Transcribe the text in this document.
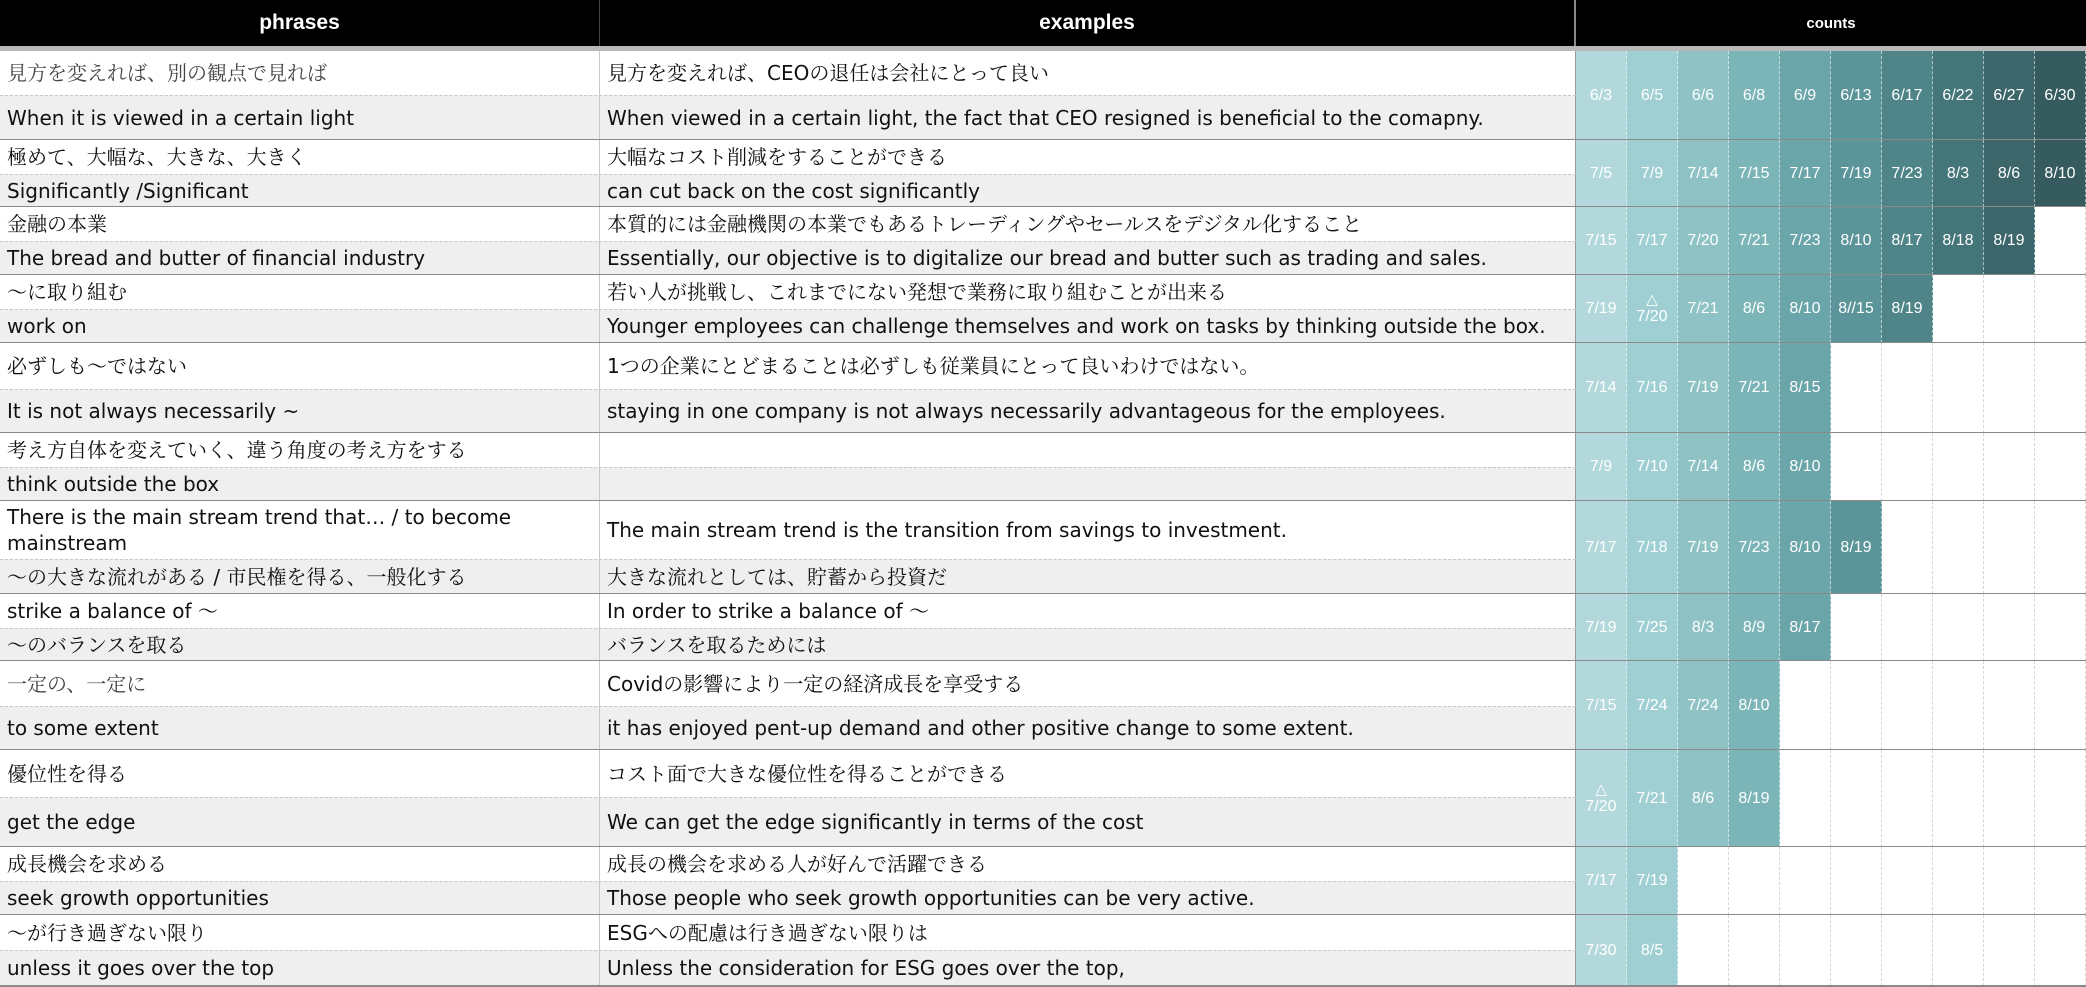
phrases	examples	counts
見方を変えれば、別の観点で見れば
When it is viewed in a certain light
見方を変えれば、CEOの退任は会社にとって良い
When viewed in a certain light, the fact that CEO resigned is beneficial to the comapny.
6/3 6/5 6/6 6/8 6/9 6/13 6/17 6/22 6/27 6/30
極めて、大幅な、大きな、大きく
Significantly /Significant
大幅なコスト削減をすることができる
can cut back on the cost significantly
7/5 7/9 7/14 7/15 7/17 7/19 7/23 8/3 8/6 8/10
金融の本業
The bread and butter of financial industry
本質的には金融機関の本業でもあるトレーディングやセールスをデジタル化すること
Essentially, our objective is to digitalize our bread and butter such as trading and sales.
7/15 7/17 7/20 7/21 7/23 8/10 8/17 8/18 8/19
〜に取り組む
work on
若い人が挑戦し、これまでにない発想で業務に取り組むことが出来る
Younger employees can challenge themselves and work on tasks by thinking outside the box.
7/19
△
7/20 7/21 8/6 8/10 8//15 8/19
必ずしも〜ではない
It is not always necessarily ~
1つの企業にとどまることは必ずしも従業員にとって良いわけではない。
staying in one company is not always necessarily advantageous for the employees.
7/14 7/16 7/19 7/21 8/15
考え方自体を変えていく、違う角度の考え方をする
think outside the box
7/9 7/10 7/14 8/6 8/10
There is the main stream trend that… / to become mainstream
〜の大きな流れがある / 市民権を得る、一般化する
The main stream trend is the transition from savings to investment.
大きな流れとしては、貯蓄から投資だ
7/17 7/18 7/19 7/23 8/10 8/19
strike a balance of 〜
〜のバランスを取る
In order to strike a balance of 〜
バランスを取るためには
7/19 7/25 8/3 8/9 8/17
一定の、一定に
to some extent
Covidの影響により一定の経済成長を享受する
it has enjoyed pent-up demand and other positive change to some extent.
7/15 7/24 7/24 8/10
優位性を得る
get the edge
コスト面で大きな優位性を得ることができる
We can get the edge significantly in terms of the cost
△
7/20 7/21 8/6 8/19
成長機会を求める
seek growth opportunities
成長の機会を求める人が好んで活躍できる
Those people who seek growth opportunities can be very active.
7/17 7/19
〜が行き過ぎない限り
unless it goes over the top
ESGへの配慮は行き過ぎない限りは
Unless the consideration for ESG goes over the top,
7/30 8/5
